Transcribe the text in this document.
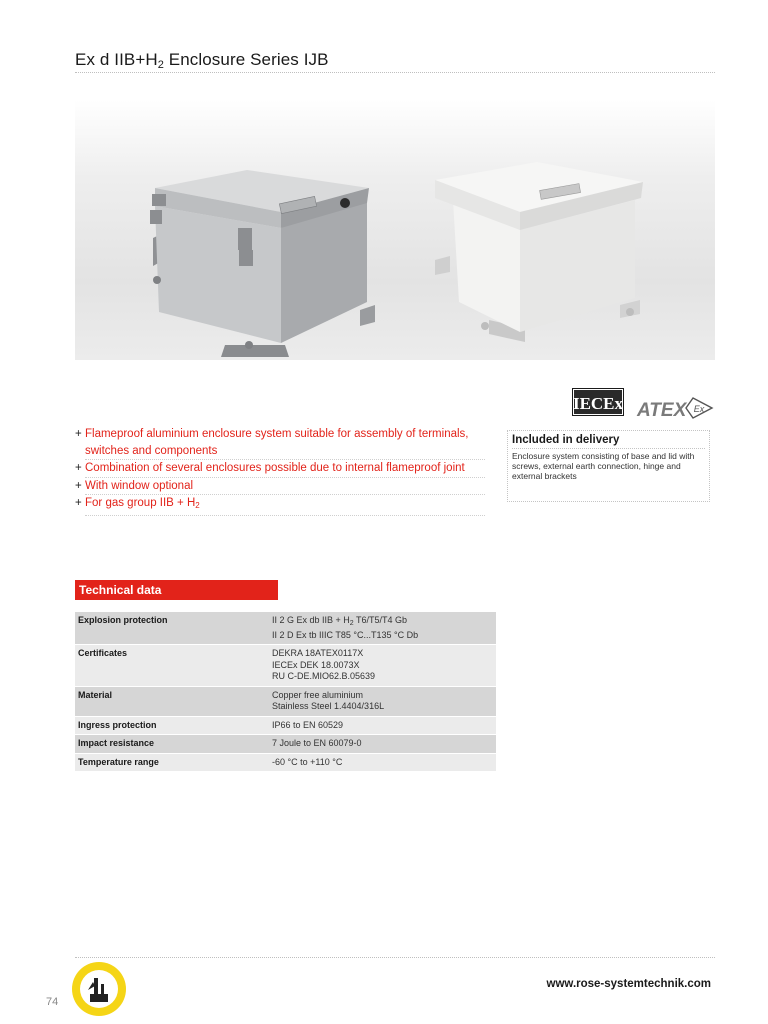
Ex d $IIB+H_2$ Enclosure Series IJB
IECEx ATEX Ex
+ Flameproof aluminium enclosure system suitable for assembly of terminals, switches and components
+ Combination of several enclosures possible due to internal flameproof joint
+ With window optional
+ For gas group IIB + $H_2$
Included in delivery
Enclosure system consisting of base and lid with screws, external earth connection, hinge and external brackets
Technical data
Explosion protection	II 2 G Ex db IIB + $H_2$ T6/T5/T4 Gb
II 2 D Ex tb IIIC T85 °C...T135 °C Db

Certificates	DEKRA 18ATEX0117X
IECEx DEK 18.0073X
RU C-DE.MIO62.B.05639

Material	Copper free aluminium
Stainless Steel 1.4404/316L

Ingress protection	IP66 to EN 60529

Impact resistance	7 Joule to EN 60079-0

Temperature range	-60 °C to +110 °C
74
www.rose-systemtechnik.com
